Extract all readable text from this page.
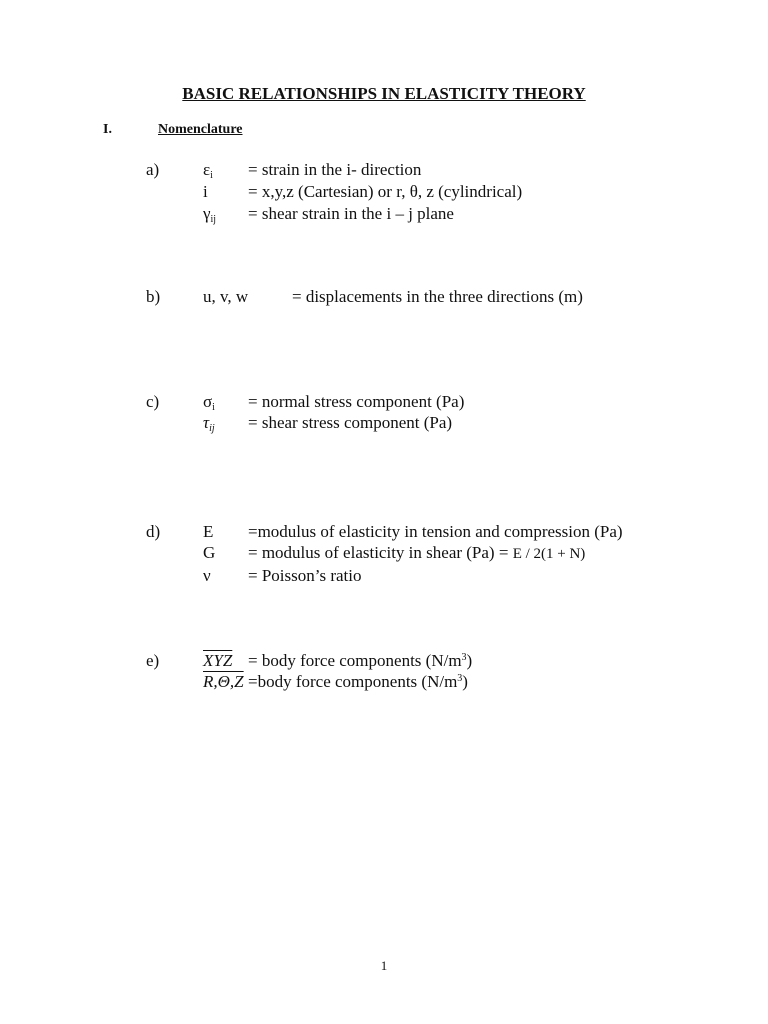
BASIC RELATIONSHIPS IN ELASTICITY THEORY
I.	Nomenclature
a)	$\varepsilon_i$ = strain in the i- direction
i = x,y,z (Cartesian) or r, θ, z (cylindrical)
$\gamma_{ij}$ = shear strain in the i – j plane
b)	u, v, w	= displacements in the three directions (m)
c)	$\sigma_i$ = normal stress component (Pa)
$\tau_{ij}$ = shear stress component (Pa)
d)	E =modulus of elasticity in tension and compression (Pa)
G = modulus of elasticity in shear (Pa) = E / 2(1 + N)
ν = Poisson’s ratio
e)	$\overline{XYZ}$ = body force components $(N/m^3)$
R,Θ,Z =body force components $(N/m^3)$
1
